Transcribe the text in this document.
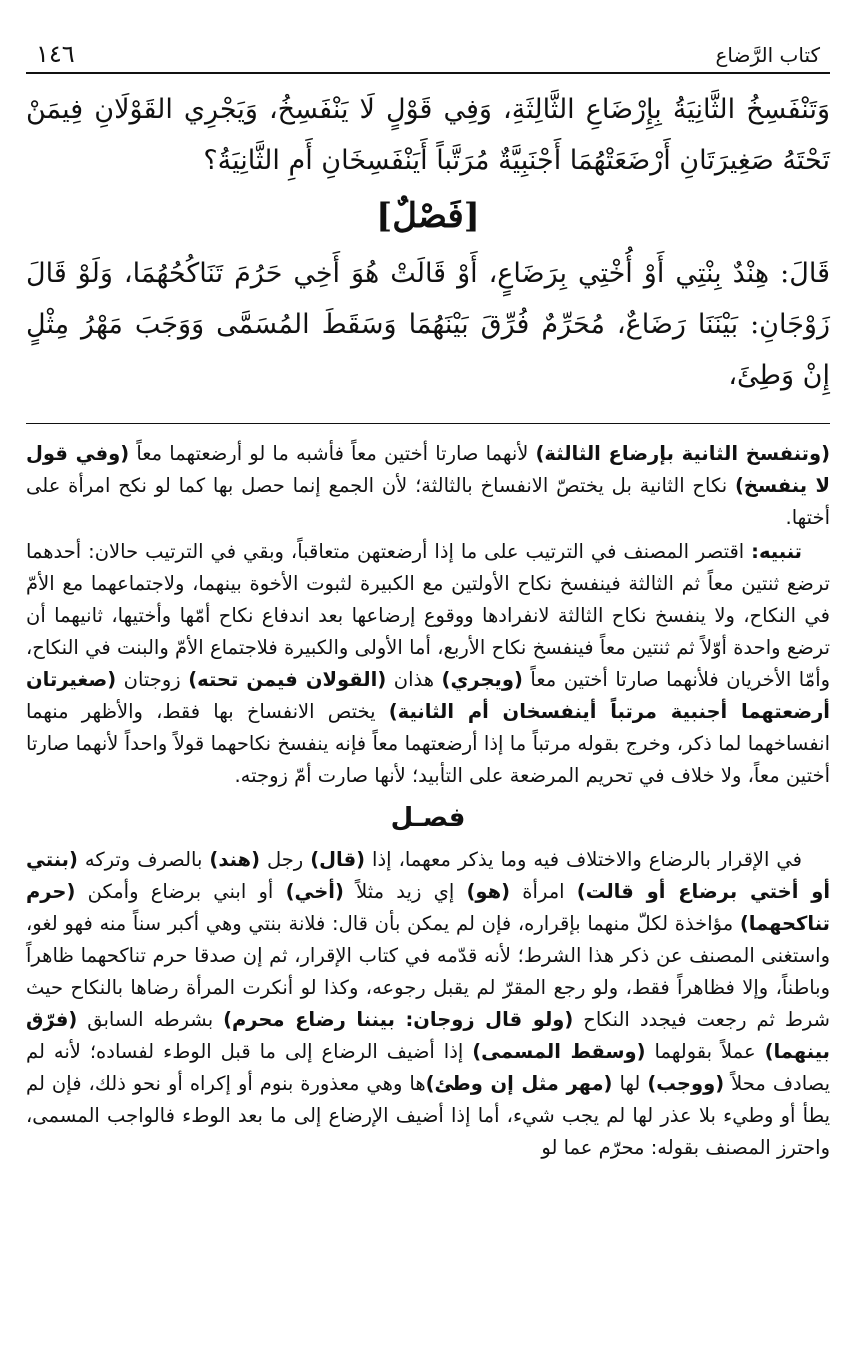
كتاب الرَّضاع
١٤٦

وَتَنْفَسِخُ الثَّانِيَةُ بِإِرْضَاعِ الثَّالِثَةِ، وَفِي قَوْلٍ لَا يَنْفَسِخُ، وَيَجْرِي القَوْلَانِ فِيمَنْ تَحْتَهُ صَغِيرَتَانِ أَرْضَعَتْهُمَا أَجْنَبِيَّةٌ مُرَتَّباً أَيَنْفَسِخَانِ أَمِ الثَّانِيَةُ؟

[فَصْلٌ]

قَالَ: هِنْدٌ بِنْتِي أَوْ أُخْتِي بِرَضَاعٍ، أَوْ قَالَتْ هُوَ أَخِي حَرُمَ تَنَاكُحُهُمَا، وَلَوْ قَالَ زَوْجَانِ: بَيْنَنَا رَضَاعٌ، مُحَرِّمٌ فُرِّقَ بَيْنَهُمَا وَسَقَطَ المُسَمَّى وَوَجَبَ مَهْرُ مِثْلٍ إِنْ وَطِئَ،

(وتنفسخ الثانية بإرضاع الثالثة) لأنهما صارتا أختين معاً فأشبه ما لو أرضعتهما معاً (وفي قول لا ينفسخ) نكاح الثانية بل يختصّ الانفساخ بالثالثة؛ لأن الجمع إنما حصل بها كما لو نكح امرأة على أختها.

تنبيه: اقتصر المصنف في الترتيب على ما إذا أرضعتهن متعاقباً، وبقي في الترتيب حالان: أحدهما ترضع ثنتين معاً ثم الثالثة فينفسخ نكاح الأولتين مع الكبيرة لثبوت الأخوة بينهما، ولاجتماعهما مع الأمّ في النكاح، ولا ينفسخ نكاح الثالثة لانفرادها ووقوع إرضاعها بعد اندفاع نكاح أمّها وأختيها، ثانيهما أن ترضع واحدة أوّلاً ثم ثنتين معاً فينفسخ نكاح الأربع، أما الأولى والكبيرة فلاجتماع الأمّ والبنت في النكاح، وأمّا الأخريان فلأنهما صارتا أختين معاً (ويجري) هذان (القولان فيمن تحته) زوجتان (صغيرتان أرضعتهما أجنبية مرتباً أينفسخان أم الثانية) يختص الانفساخ بها فقط، والأظهر منهما انفساخهما لما ذكر، وخرج بقوله مرتباً ما إذا أرضعتهما معاً فإنه ينفسخ نكاحهما قولاً واحداً لأنهما صارتا أختين معاً، ولا خلاف في تحريم المرضعة على التأبيد؛ لأنها صارت أمّ زوجته.

فصـل

في الإقرار بالرضاع والاختلاف فيه وما يذكر معهما، إذا (قال) رجل (هند) بالصرف وتركه (بنتي أو أختي برضاع أو قالت) امرأة (هو) إي زيد مثلاً (أخي) أو ابني برضاع وأمكن (حرم تناكحهما) مؤاخذة لكلّ منهما بإقراره، فإن لم يمكن بأن قال: فلانة بنتي وهي أكبر سناً منه فهو لغو، واستغنى المصنف عن ذكر هذا الشرط؛ لأنه قدّمه في كتاب الإقرار، ثم إن صدقا حرم تناكحهما ظاهراً وباطناً، وإلا فظاهراً فقط، ولو رجع المقرّ لم يقبل رجوعه، وكذا لو أنكرت المرأة رضاها بالنكاح حيث شرط ثم رجعت فيجدد النكاح (ولو قال زوجان: بيننا رضاع محرم) بشرطه السابق (فرّق بينهما) عملاً بقولهما (وسقط المسمى) إذا أضيف الرضاع إلى ما قبل الوطء لفساده؛ لأنه لم يصادف محلاً (ووجب) لها (مهر مثل إن وطئ)ها وهي معذورة بنوم أو إكراه أو نحو ذلك، فإن لم يطأ أو وطيء بلا عذر لها لم يجب شيء، أما إذا أضيف الإرضاع إلى ما بعد الوطء فالواجب المسمى، واحترز المصنف بقوله: محرّم عما لو
